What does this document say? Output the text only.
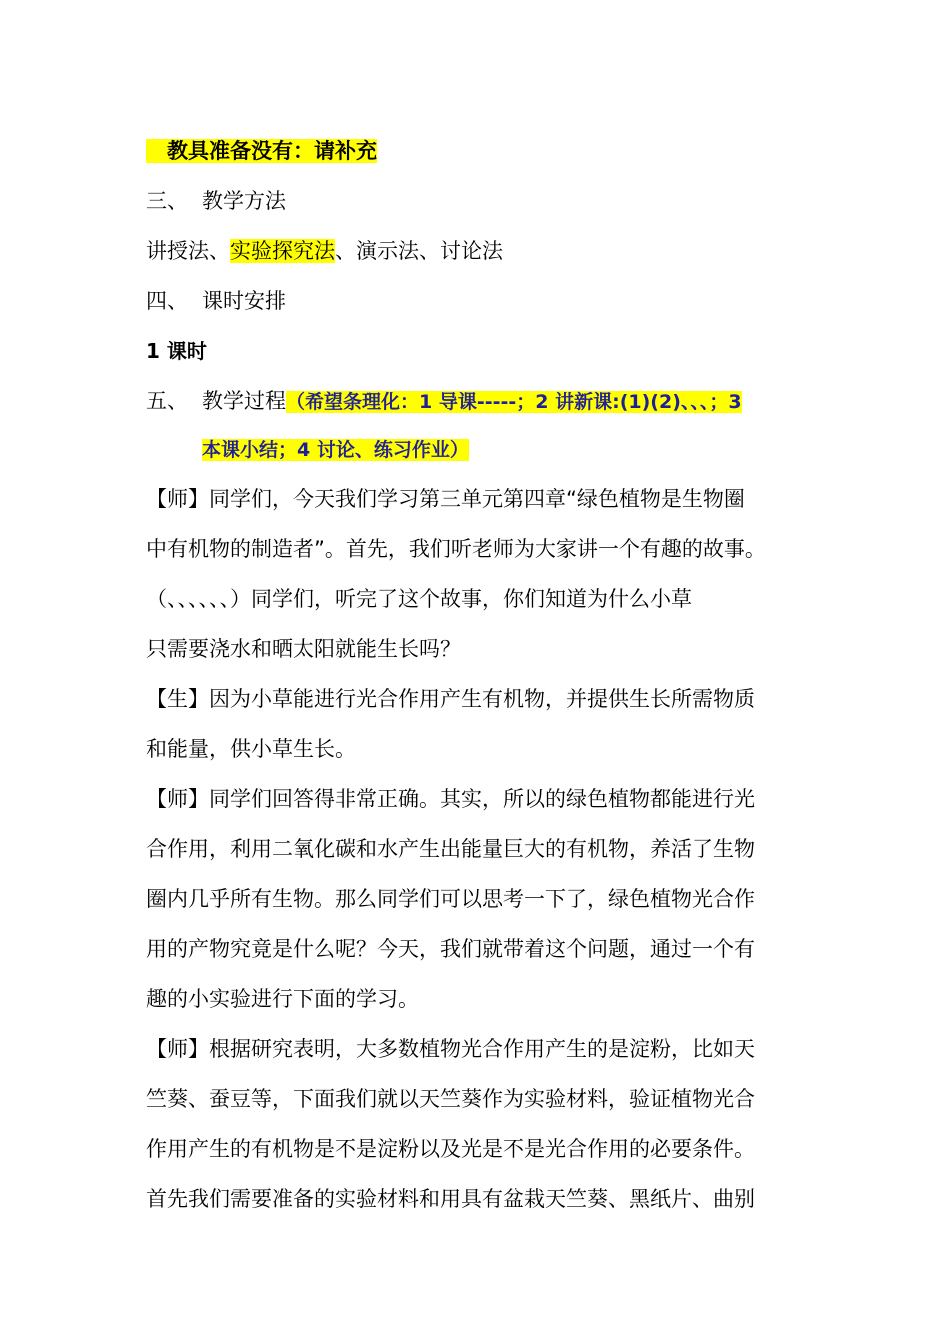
　教具准备没有：请补充
三、 教学方法
讲授法、实验探究法、演示法、讨论法
四、 课时安排
1 课时
五、 教学过程（希望条理化：1 导课-----；2 讲新课:(1)(2)、、、；3
本课小结；4 讨论、练习作业）
【师】同学们，今天我们学习第三单元第四章“绿色植物是生物圈
中有机物的制造者”。首先，我们听老师为大家讲一个有趣的故事。
（、、、、、、）同学们，听完了这个故事，你们知道为什么小草
只需要浇水和晒太阳就能生长吗？
【生】因为小草能进行光合作用产生有机物，并提供生长所需物质
和能量，供小草生长。
【师】同学们回答得非常正确。其实，所以的绿色植物都能进行光
合作用，利用二氧化碳和水产生出能量巨大的有机物，养活了生物
圈内几乎所有生物。那么同学们可以思考一下了，绿色植物光合作
用的产物究竟是什么呢？今天，我们就带着这个问题，通过一个有
趣的小实验进行下面的学习。
【师】根据研究表明，大多数植物光合作用产生的是淀粉，比如天
竺葵、蚕豆等，下面我们就以天竺葵作为实验材料，验证植物光合
作用产生的有机物是不是淀粉以及光是不是光合作用的必要条件。
首先我们需要准备的实验材料和用具有盆栽天竺葵、黑纸片、曲别
